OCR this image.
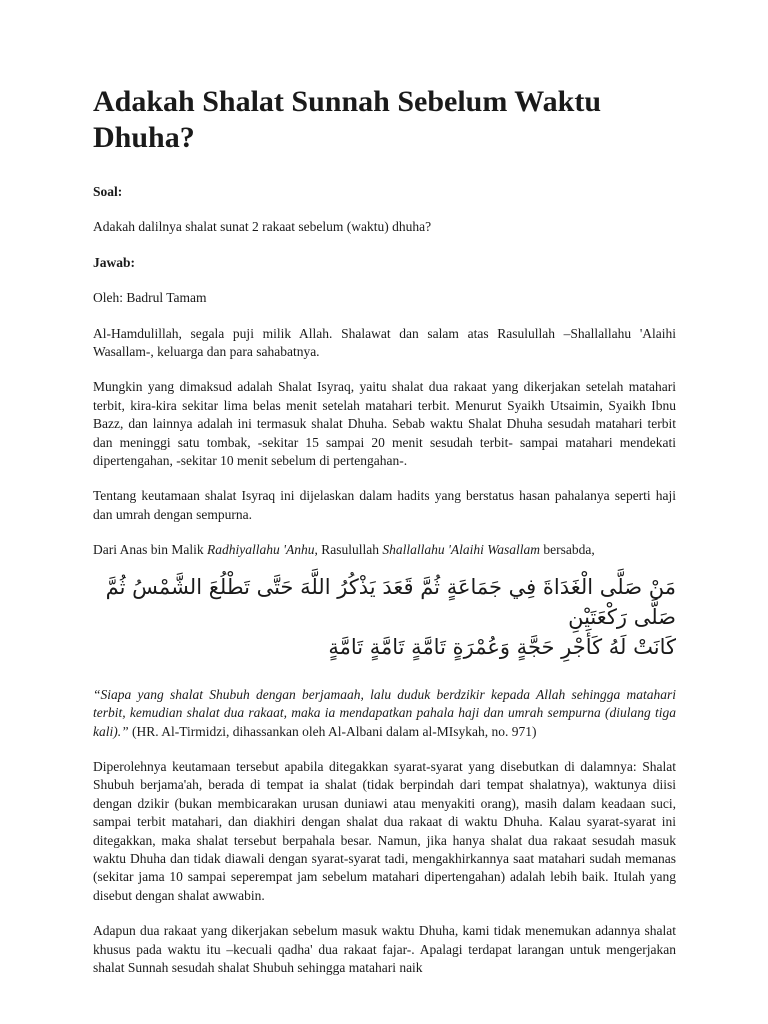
Adakah Shalat Sunnah Sebelum Waktu Dhuha?

Soal:

Adakah dalilnya shalat sunat 2 rakaat sebelum (waktu) dhuha?

Jawab:

Oleh: Badrul Tamam

Al-Hamdulillah, segala puji milik Allah. Shalawat dan salam atas Rasulullah –Shallallahu 'Alaihi Wasallam-, keluarga dan para sahabatnya.

Mungkin yang dimaksud adalah Shalat Isyraq, yaitu shalat dua rakaat yang dikerjakan setelah matahari terbit, kira-kira sekitar lima belas menit setelah matahari terbit. Menurut Syaikh Utsaimin, Syaikh Ibnu Bazz, dan lainnya adalah ini termasuk shalat Dhuha. Sebab waktu Shalat Dhuha sesudah matahari terbit dan meninggi satu tombak, -sekitar 15 sampai 20 menit sesudah terbit- sampai matahari mendekati dipertengahan, -sekitar 10 menit sebelum di pertengahan-.

Tentang keutamaan shalat Isyraq ini dijelaskan dalam hadits yang berstatus hasan pahalanya seperti haji dan umrah dengan sempurna.

Dari Anas bin Malik Radhiyallahu 'Anhu, Rasulullah Shallallahu 'Alaihi Wasallam bersabda,

مَنْ صَلَّى الْغَدَاةَ فِي جَمَاعَةٍ ثُمَّ قَعَدَ يَذْكُرُ اللَّهَ حَتَّى تَطْلُعَ الشَّمْسُ ثُمَّ صَلَّى رَكْعَتَيْنِ
كَانَتْ لَهُ كَأَجْرِ حَجَّةٍ وَعُمْرَةٍ تَامَّةٍ تَامَّةٍ تَامَّةٍ

“Siapa yang shalat Shubuh dengan berjamaah, lalu duduk berdzikir kepada Allah sehingga matahari terbit, kemudian shalat dua rakaat, maka ia mendapatkan pahala haji dan umrah sempurna (diulang tiga kali).” (HR. Al-Tirmidzi, dihassankan oleh Al-Albani dalam al-MIsykah, no. 971)

Diperolehnya keutamaan tersebut apabila ditegakkan syarat-syarat yang disebutkan di dalamnya: Shalat Shubuh berjama'ah, berada di tempat ia shalat (tidak berpindah dari tempat shalatnya), waktunya diisi dengan dzikir (bukan membicarakan urusan duniawi atau menyakiti orang), masih dalam keadaan suci, sampai terbit matahari, dan diakhiri dengan shalat dua rakaat di waktu Dhuha. Kalau syarat-syarat ini ditegakkan, maka shalat tersebut berpahala besar. Namun, jika hanya shalat dua rakaat sesudah masuk waktu Dhuha dan tidak diawali dengan syarat-syarat tadi, mengakhirkannya saat matahari sudah memanas (sekitar jama 10 sampai seperempat jam sebelum matahari dipertengahan) adalah lebih baik. Itulah yang disebut dengan shalat awwabin.

Adapun dua rakaat yang dikerjakan sebelum masuk waktu Dhuha, kami tidak menemukan adannya shalat khusus pada waktu itu –kecuali qadha' dua rakaat fajar-. Apalagi terdapat larangan untuk mengerjakan shalat Sunnah sesudah shalat Shubuh sehingga matahari naik
